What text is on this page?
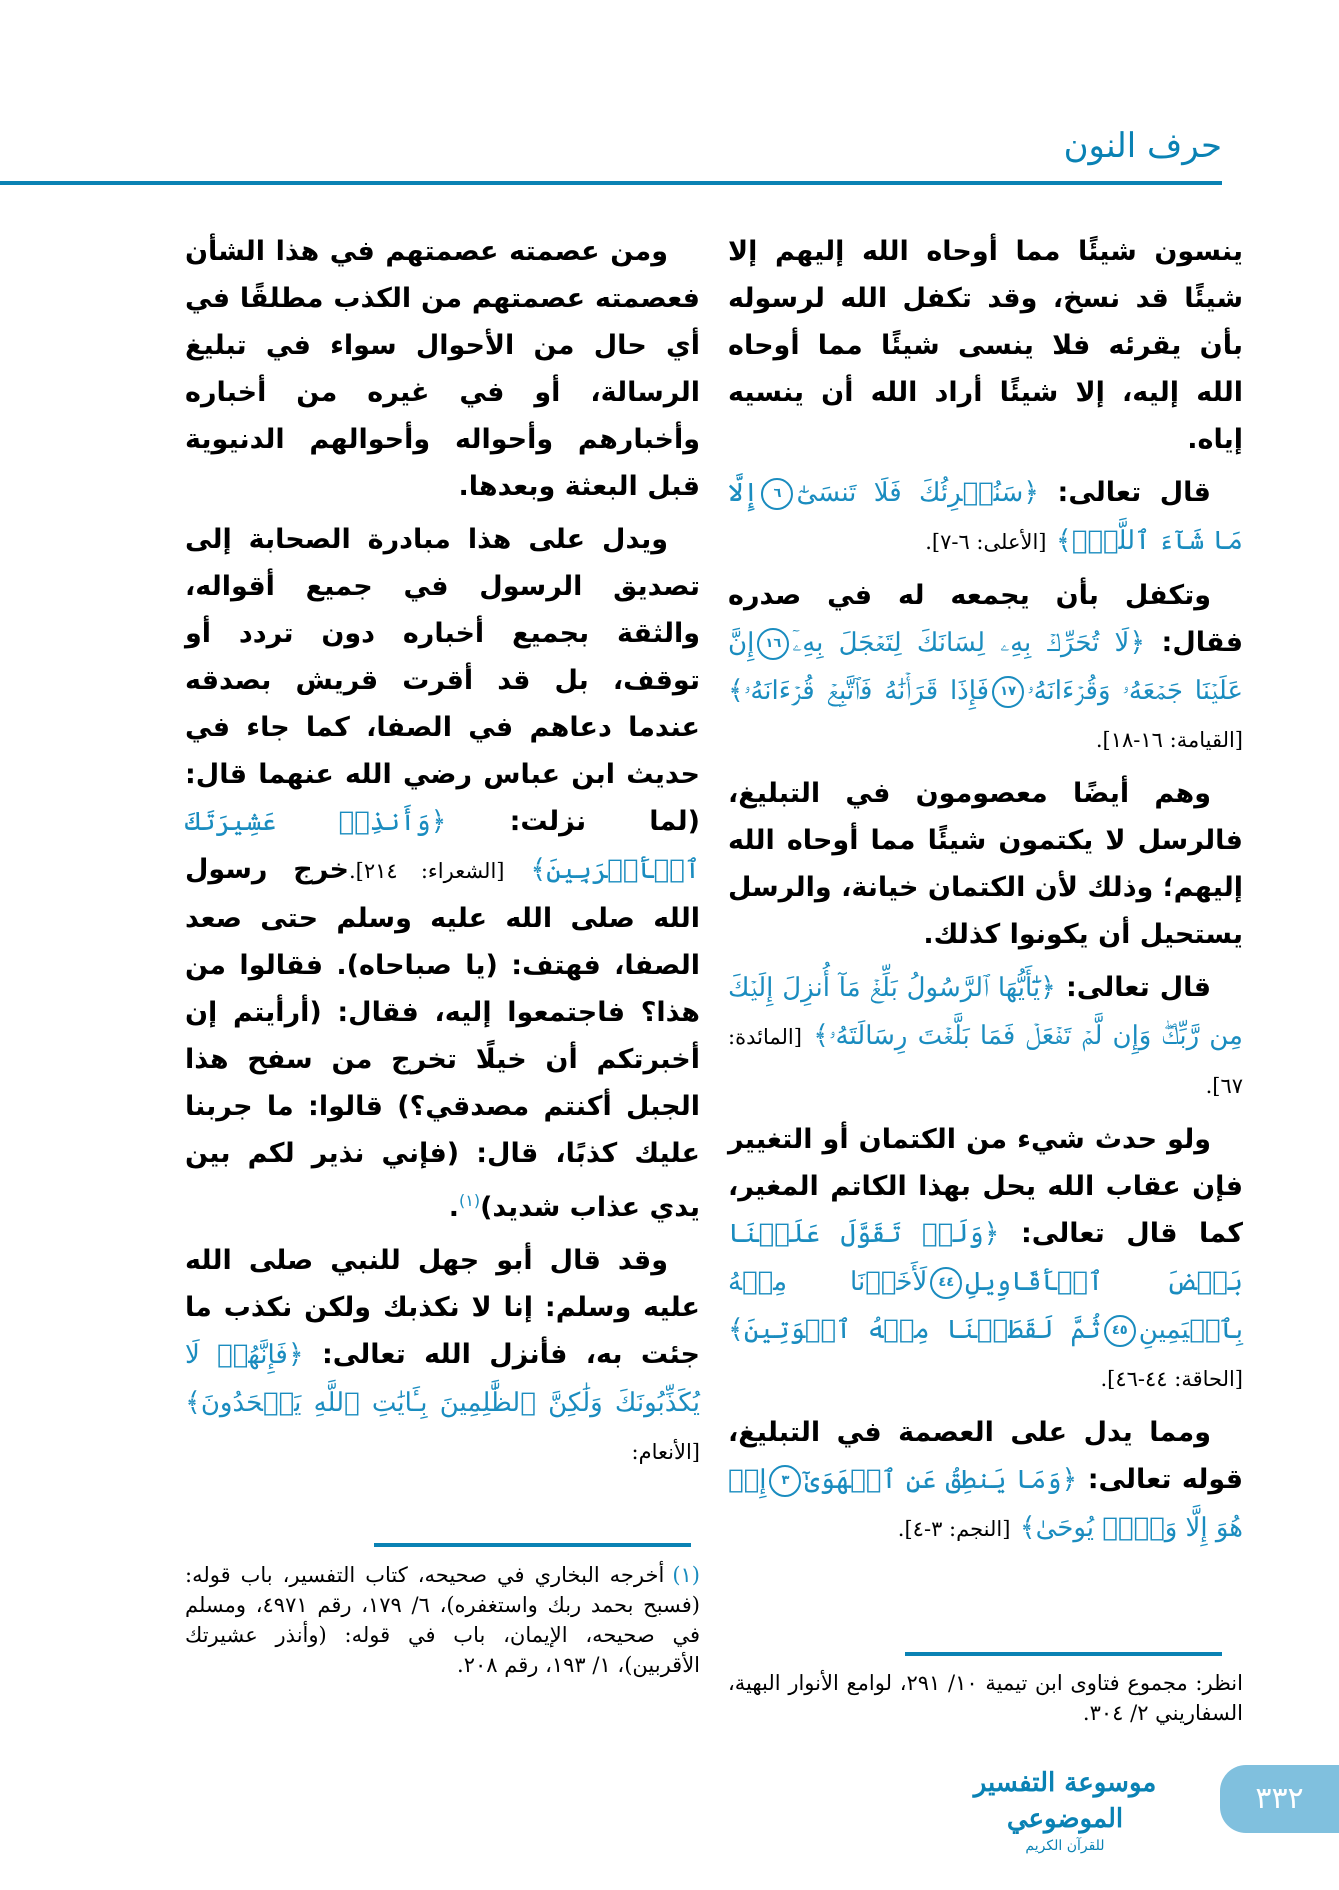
حرف النون

ينسون شيئًا مما أوحاه الله إليهم إلا شيئًا قد نسخ، وقد تكفل الله لرسوله بأن يقرئه فلا ينسى شيئًا مما أوحاه الله إليه، إلا شيئًا أراد الله أن ينسيه إياه.

قال تعالى: ﴿سَنُقۡرِئُكَ فَلَا تَنسَىٰٓ٦إِلَّا مَا شَآءَ ٱللَّهُۚ﴾ [الأعلى: ٦-٧].

وتكفل بأن يجمعه له في صدره فقال: ﴿لَا تُحَرِّكۡ بِهِۦ لِسَانَكَ لِتَعۡجَلَ بِهِۦٓ١٦إِنَّ عَلَيۡنَا جَمۡعَهُۥ وَقُرۡءَانَهُۥ١٧فَإِذَا قَرَأۡنَٰهُ فَٱتَّبِعۡ قُرۡءَانَهُۥ﴾ [القيامة: ١٦-١٨].

وهم أيضًا معصومون في التبليغ، فالرسل لا يكتمون شيئًا مما أوحاه الله إليهم؛ وذلك لأن الكتمان خيانة، والرسل يستحيل أن يكونوا كذلك.

قال تعالى: ﴿يَٰٓأَيُّهَا ٱلرَّسُولُ بَلِّغۡ مَآ أُنزِلَ إِلَيۡكَ مِن رَّبِّكَۖ وَإِن لَّمۡ تَفۡعَلۡ فَمَا بَلَّغۡتَ رِسَالَتَهُۥ﴾ [المائدة: ٦٧].

ولو حدث شيء من الكتمان أو التغيير فإن عقاب الله يحل بهذا الكاتم المغير، كما قال تعالى: ﴿وَلَوۡ تَقَوَّلَ عَلَيۡنَا بَعۡضَ ٱلۡأَقَاوِيلِ٤٤لَأَخَذۡنَا مِنۡهُ بِٱلۡيَمِينِ٤٥ثُمَّ لَقَطَعۡنَا مِنۡهُ ٱلۡوَتِينَ﴾ [الحاقة: ٤٤-٤٦].

ومما يدل على العصمة في التبليغ، قوله تعالى: ﴿وَمَا يَنطِقُ عَنِ ٱلۡهَوَىٰٓ٣إِنۡ هُوَ إِلَّا وَحۡيٞ يُوحَىٰ﴾ [النجم: ٣-٤].

انظر: مجموع فتاوى ابن تيمية ١٠/ ٢٩١، لوامع الأنوار البهية، السفاريني ٢/ ٣٠٤.

ومن عصمته عصمتهم في هذا الشأن فعصمته عصمتهم من الكذب مطلقًا في أي حال من الأحوال سواء في تبليغ الرسالة، أو في غيره من أخباره وأخبارهم وأحواله وأحوالهم الدنيوية قبل البعثة وبعدها.

ويدل على هذا مبادرة الصحابة إلى تصديق الرسول في جميع أقواله، والثقة بجميع أخباره دون تردد أو توقف، بل قد أقرت قريش بصدقه عندما دعاهم في الصفا، كما جاء في حديث ابن عباس رضي الله عنهما قال: (لما نزلت: ﴿وَأَنذِرۡ عَشِيرَتَكَ ٱلۡأَقۡرَبِينَ﴾ [الشعراء: ٢١٤].خرج رسول الله صلى الله عليه وسلم حتى صعد الصفا، فهتف: (يا صباحاه). فقالوا من هذا؟ فاجتمعوا إليه، فقال: (أرأيتم إن أخبرتكم أن خيلًا تخرج من سفح هذا الجبل أكنتم مصدقي؟) قالوا: ما جربنا عليك كذبًا، قال: (فإني نذير لكم بين يدي عذاب شديد)$^{(١)}$.

وقد قال أبو جهل للنبي صلى الله عليه وسلم: إنا لا نكذبك ولكن نكذب ما جئت به، فأنزل الله تعالى: ﴿فَإِنَّهُمۡ لَا يُكَذِّبُونَكَ وَلَٰكِنَّ ٱلظَّٰلِمِينَ بِـَٔايَٰتِ ٱللَّهِ يَجۡحَدُونَ﴾ [الأنعام:

(١)أخرجه البخاري في صحيحه، كتاب التفسير، باب قوله: (فسبح بحمد ربك واستغفره)، ٦/ ١٧٩، رقم ٤٩٧١، ومسلم في صحيحه، الإيمان، باب في قوله: (وأنذر عشيرتك الأقربين)، ١/ ١٩٣، رقم ٢٠٨.
موسوعة التفسير الموضوعي
للقرآن الكريم
٣٣٢
